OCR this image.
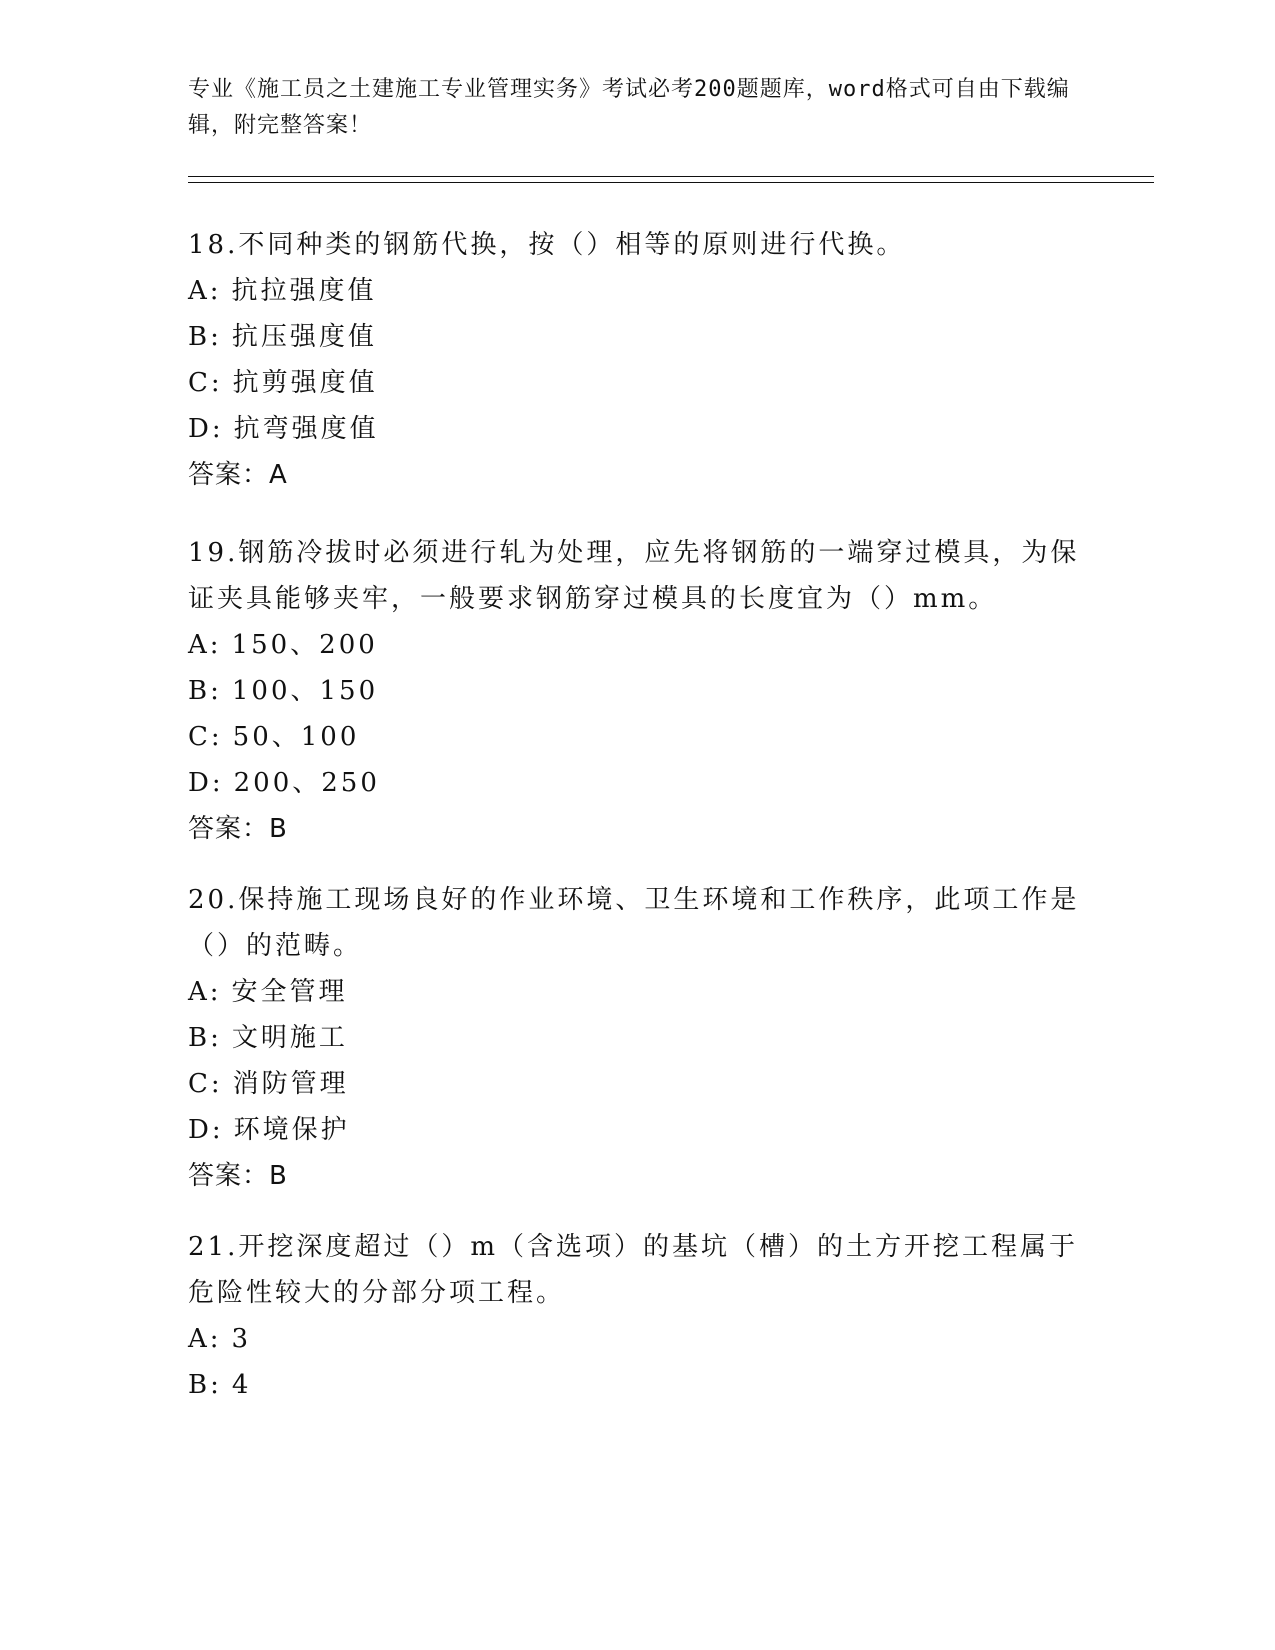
专业《施工员之土建施工专业管理实务》考试必考200题题库，word格式可自由下载编辑，附完整答案！

18.不同种类的钢筋代换，按（）相等的原则进行代换。

A: 抗拉强度值

B: 抗压强度值

C: 抗剪强度值

D: 抗弯强度值

答案：A

19.钢筋冷拔时必须进行轧为处理，应先将钢筋的一端穿过模具，为保证夹具能够夹牢，一般要求钢筋穿过模具的长度宜为（）mm。

A: 150、200

B: 100、150

C: 50、100

D: 200、250

答案：B

20.保持施工现场良好的作业环境、卫生环境和工作秩序，此项工作是（）的范畴。

A: 安全管理

B: 文明施工

C: 消防管理

D: 环境保护

答案：B

21.开挖深度超过（）m（含选项）的基坑（槽）的土方开挖工程属于危险性较大的分部分项工程。

A: 3

B: 4
